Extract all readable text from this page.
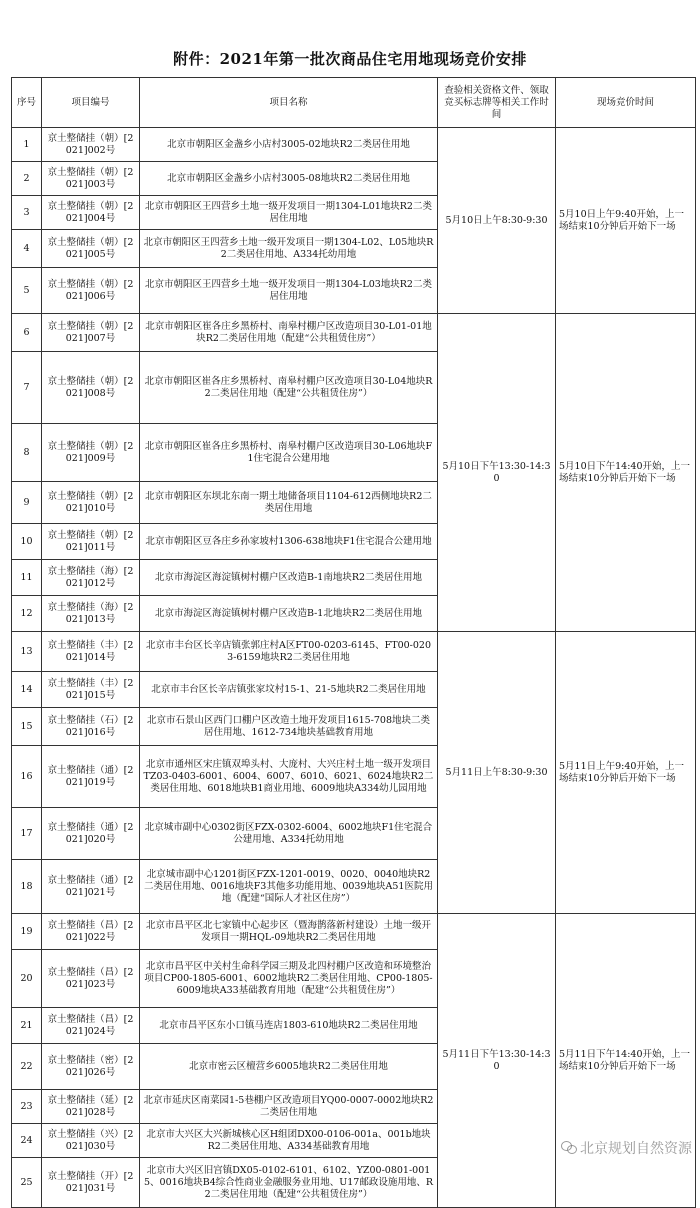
附件：2021年第一批次商品住宅用地现场竞价安排
序号	项目编号	项目名称	查验相关资格文件、领取竞买标志牌等相关工作时间	现场竞价时间
1	京土整储挂（朝）[2021]002号	北京市朝阳区金盏乡小店村3005-02地块R2二类居住用地	5月10日上午8:30-9:30	5月10日上午9:40开始，上一场结束10分钟后开始下一场
2	京土整储挂（朝）[2021]003号	北京市朝阳区金盏乡小店村3005-08地块R2二类居住用地		
3	京土整储挂（朝）[2021]004号	北京市朝阳区王四营乡土地一级开发项目一期1304-L01地块R2二类居住用地		
4	京土整储挂（朝）[2021]005号	北京市朝阳区王四营乡土地一级开发项目一期1304-L02、L05地块R2二类居住用地、A334托幼用地		
5	京土整储挂（朝）[2021]006号	北京市朝阳区王四营乡土地一级开发项目一期1304-L03地块R2二类居住用地		
6	京土整储挂（朝）[2021]007号	北京市朝阳区崔各庄乡黑桥村、南皋村棚户区改造项目30-L01-01地块R2二类居住用地（配建“公共租赁住房”）	5月10日下午13:30-14:30	5月10日下午14:40开始，上一场结束10分钟后开始下一场
7	京土整储挂（朝）[2021]008号	北京市朝阳区崔各庄乡黑桥村、南皋村棚户区改造项目30-L04地块R2二类居住用地（配建“公共租赁住房”）		
8	京土整储挂（朝）[2021]009号	北京市朝阳区崔各庄乡黑桥村、南皋村棚户区改造项目30-L06地块F1住宅混合公建用地		
9	京土整储挂（朝）[2021]010号	北京市朝阳区东坝北东南一期土地储备项目1104-612西侧地块R2二类居住用地		
10	京土整储挂（朝）[2021]011号	北京市朝阳区豆各庄乡孙家坡村1306-638地块F1住宅混合公建用地		
11	京土整储挂（海）[2021]012号	北京市海淀区海淀镇树村棚户区改造B-1南地块R2二类居住用地		
12	京土整储挂（海）[2021]013号	北京市海淀区海淀镇树村棚户区改造B-1北地块R2二类居住用地		
13	京土整储挂（丰）[2021]014号	北京市丰台区长辛店镇张郭庄村A区FT00-0203-6145、FT00-0203-6159地块R2二类居住用地	5月11日上午8:30-9:30	5月11日上午9:40开始，上一场结束10分钟后开始下一场
14	京土整储挂（丰）[2021]015号	北京市丰台区长辛店镇张家坟村15-1、21-5地块R2二类居住用地		
15	京土整储挂（石）[2021]016号	北京市石景山区西门口棚户区改造土地开发项目1615-708地块二类居住用地、1612-734地块基础教育用地		
16	京土整储挂（通）[2021]019号	北京市通州区宋庄镇双埠头村、大庞村、大兴庄村土地一级开发项目TZ03-0403-6001、6004、6007、6010、6021、6024地块R2二类居住用地、6018地块B1商业用地、6009地块A334幼儿园用地		
17	京土整储挂（通）[2021]020号	北京城市副中心0302街区FZX-0302-6004、6002地块F1住宅混合公建用地、A334托幼用地		
18	京土整储挂（通）[2021]021号	北京城市副中心1201街区FZX-1201-0019、0020、0040地块R2二类居住用地、0016地块F3其他多功能用地、0039地块A51医院用地（配建“国际人才社区住房”）		
19	京土整储挂（昌）[2021]022号	北京市昌平区北七家镇中心起步区（暨海鹊落新村建设）土地一级开发项目一期HQL-09地块R2二类居住用地	5月11日下午13:30-14:30	5月11日下午14:40开始，上一场结束10分钟后开始下一场
20	京土整储挂（昌）[2021]023号	北京市昌平区中关村生命科学园三期及北四村棚户区改造和环境整治项目CP00-1805-6001、6002地块R2二类居住用地、CP00-1805-6009地块A33基础教育用地（配建“公共租赁住房”）		
21	京土整储挂（昌）[2021]024号	北京市昌平区东小口镇马连店1803-610地块R2二类居住用地		
22	京土整储挂（密）[2021]026号	北京市密云区檀营乡6005地块R2二类居住用地		
23	京土整储挂（延）[2021]028号	北京市延庆区南菜园1-5巷棚户区改造项目YQ00-0007-0002地块R2二类居住用地		
24	京土整储挂（兴）[2021]030号	北京市大兴区大兴新城核心区H组团DX00-0106-001a、001b地块R2二类居住用地、A334基础教育用地		
25	京土整储挂（开）[2021]031号	北京市大兴区旧宫镇DX05-0102-6101、6102、YZ00-0801-0015、0016地块B4综合性商业金融服务业用地、U17邮政设施用地、R2二类居住用地（配建“公共租赁住房”）		
北京规划自然资源
